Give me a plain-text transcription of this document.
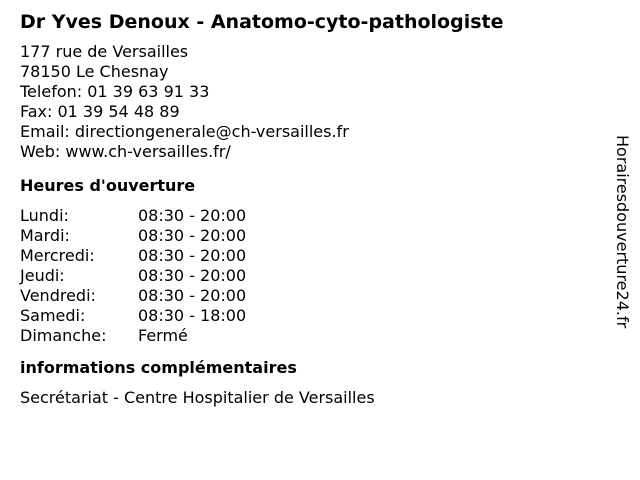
Dr Yves Denoux - Anatomo-cyto-pathologiste
177 rue de Versailles
78150 Le Chesnay
Telefon: 01 39 63 91 33
Fax: 01 39 54 48 89
Email: directiongenerale@ch-versailles.fr
Web: www.ch-versailles.fr/
Heures d'ouverture
Lundi:	08:30 - 20:00
Mardi:	08:30 - 20:00
Mercredi:	08:30 - 20:00
Jeudi:	08:30 - 20:00
Vendredi:	08:30 - 20:00
Samedi:	08:30 - 18:00
Dimanche:	Fermé
informations complémentaires
Secrétariat - Centre Hospitalier de Versailles
Horairesdouverture24.fr
